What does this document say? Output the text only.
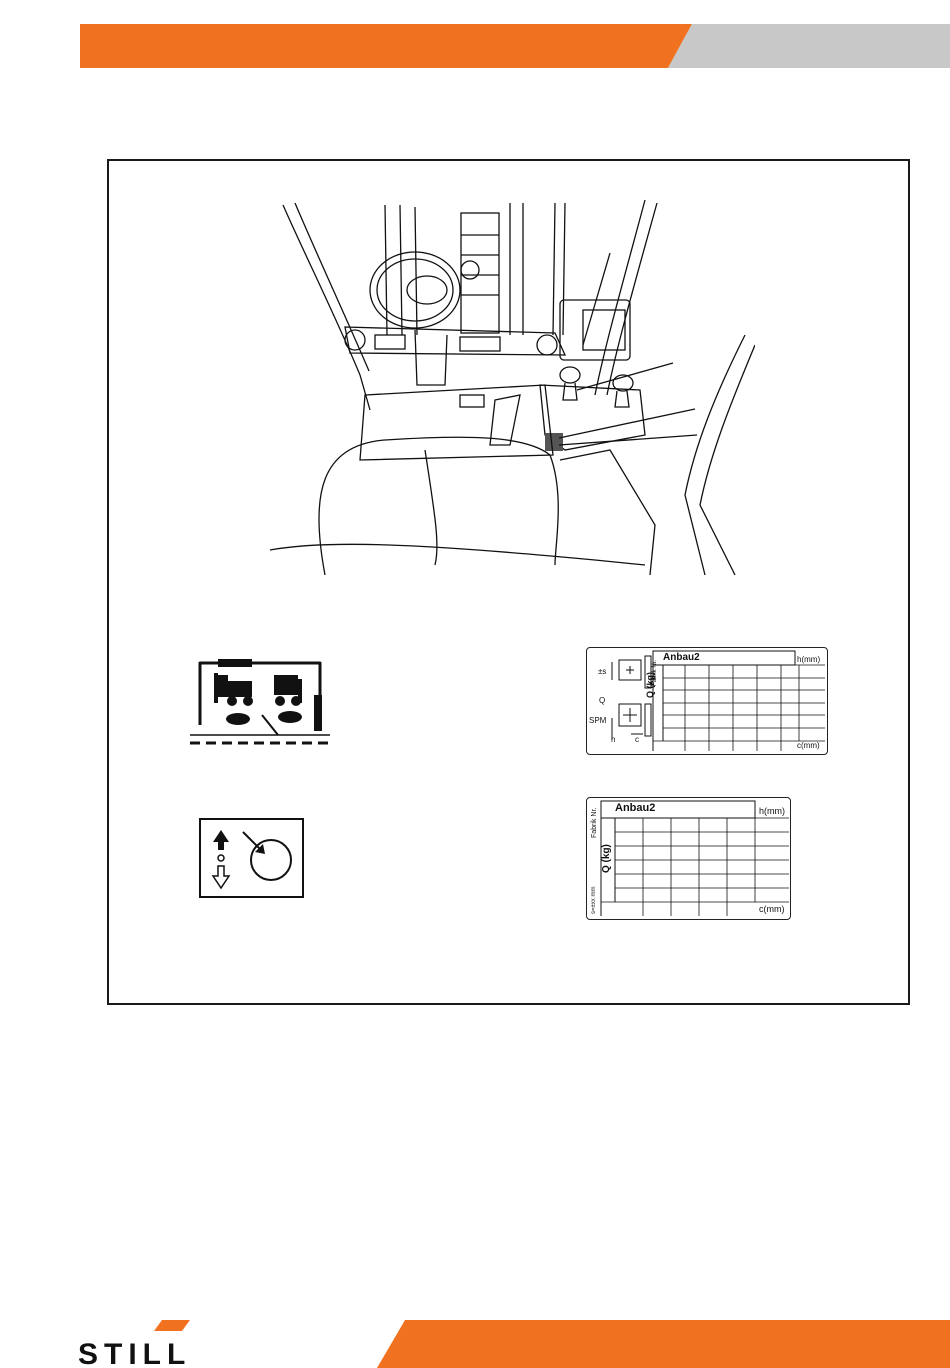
Anbau2	h(mm)
c(mm)
Q (kg)
Fabrik Nr.
±s
Q
SPM
h c
Anbau2	h(mm)
c(mm)
Q (kg)
Fabrik Nr.
s=±xx mm
STILL
